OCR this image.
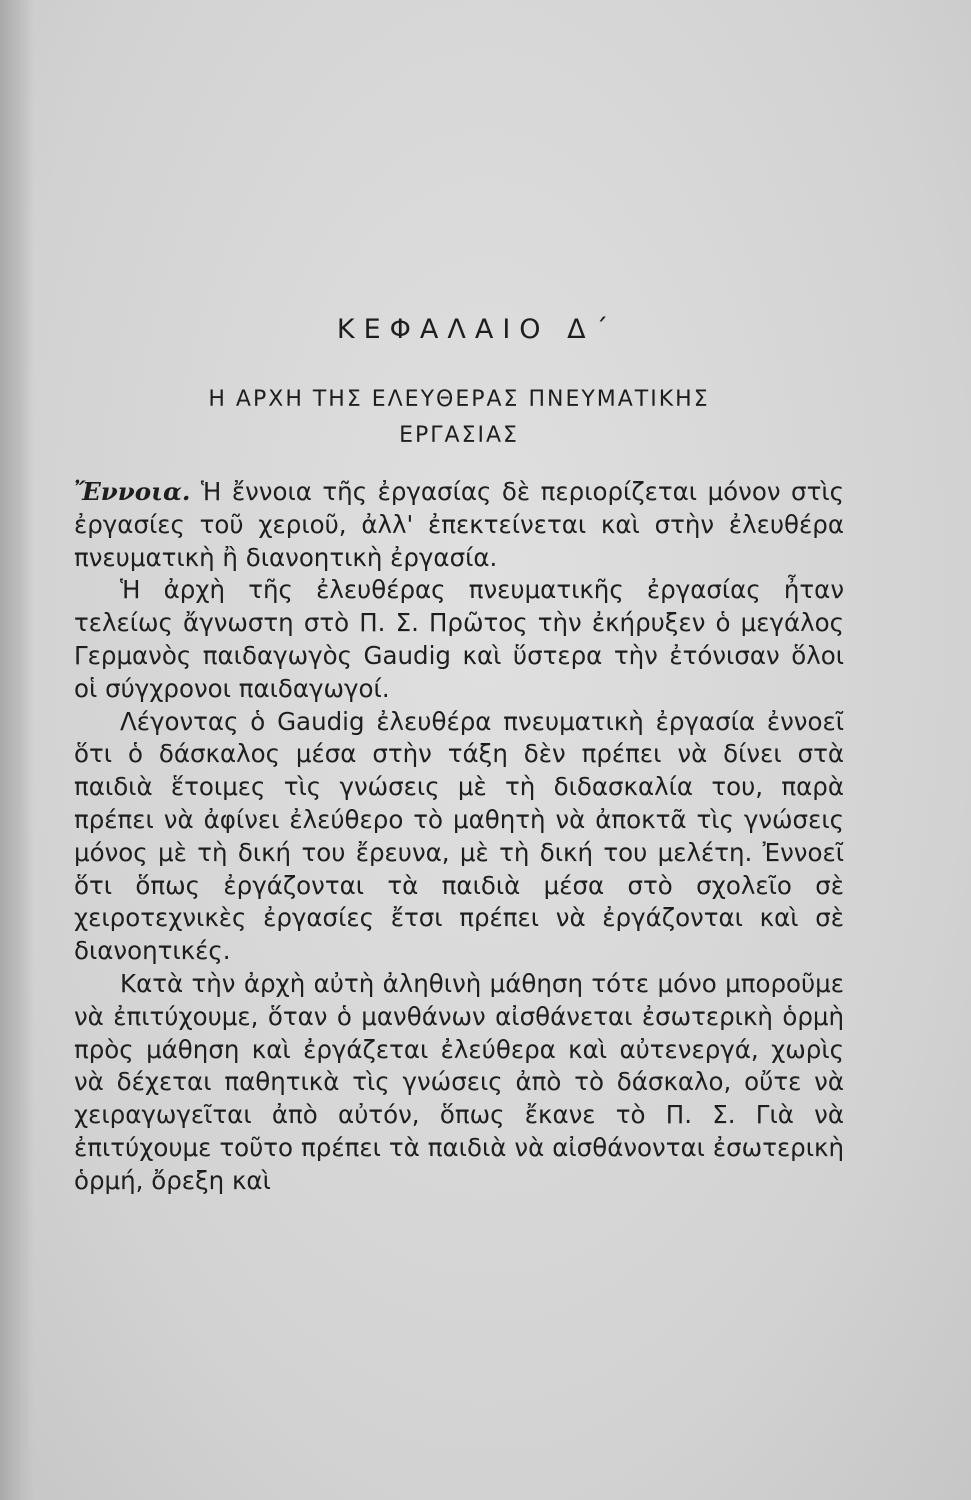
ΚΕΦΑΛΑΙΟ Δ΄
Η ΑΡΧΗ ΤΗΣ ΕΛΕΥΘΕΡΑΣ ΠΝΕΥΜΑΤΙΚΗΣ
ΕΡΓΑΣΙΑΣ

Ἔννοια. Ἡ ἔννοια τῆς ἐργασίας δὲ περιορίζεται μόνον στὶς ἐργασίες τοῦ χεριοῦ, ἀλλ' ἐπεκτείνεται καὶ στὴν ἐλευθέρα πνευματικὴ ἢ διανοητικὴ ἐργασία.

Ἡ ἀρχὴ τῆς ἐλευθέρας πνευματικῆς ἐργασίας ἦταν τελείως ἄγνωστη στὸ Π. Σ. Πρῶτος τὴν ἐκήρυξεν ὁ μεγάλος Γερμανὸς παιδαγωγὸς Gaudig καὶ ὕστερα τὴν ἐτόνισαν ὅλοι οἱ σύγχρονοι παιδαγωγοί.

Λέγοντας ὁ Gaudig ἐλευθέρα πνευματικὴ ἐργασία ἐννοεῖ ὅτι ὁ δάσκαλος μέσα στὴν τάξη δὲν πρέπει νὰ δίνει στὰ παιδιὰ ἕτοιμες τὶς γνώσεις μὲ τὴ διδασκαλία του, παρὰ πρέπει νὰ ἀφίνει ἐλεύθερο τὸ μαθητὴ νὰ ἀποκτᾶ τὶς γνώσεις μόνος μὲ τὴ δική του ἔρευνα, μὲ τὴ δική του μελέτη. Ἐννοεῖ ὅτι ὅπως ἐργάζονται τὰ παιδιὰ μέσα στὸ σχολεῖο σὲ χειροτεχνικὲς ἐργασίες ἔτσι πρέπει νὰ ἐργάζονται καὶ σὲ διανοητικές.

Κατὰ τὴν ἀρχὴ αὐτὴ ἀληθινὴ μάθηση τότε μόνο μποροῦμε νὰ ἐπιτύχουμε, ὅταν ὁ μανθάνων αἰσθάνεται ἐσωτερικὴ ὁρμὴ πρὸς μάθηση καὶ ἐργάζεται ἐλεύθερα καὶ αὐτενεργά, χωρὶς νὰ δέχεται παθητικὰ τὶς γνώσεις ἀπὸ τὸ δάσκαλο, οὔτε νὰ χειραγωγεῖται ἀπὸ αὐτόν, ὅπως ἔκανε τὸ Π. Σ. Γιὰ νὰ ἐπιτύχουμε τοῦτο πρέπει τὰ παιδιὰ νὰ αἰσθάνονται ἐσωτερικὴ ὁρμή, ὄρεξη καὶ
